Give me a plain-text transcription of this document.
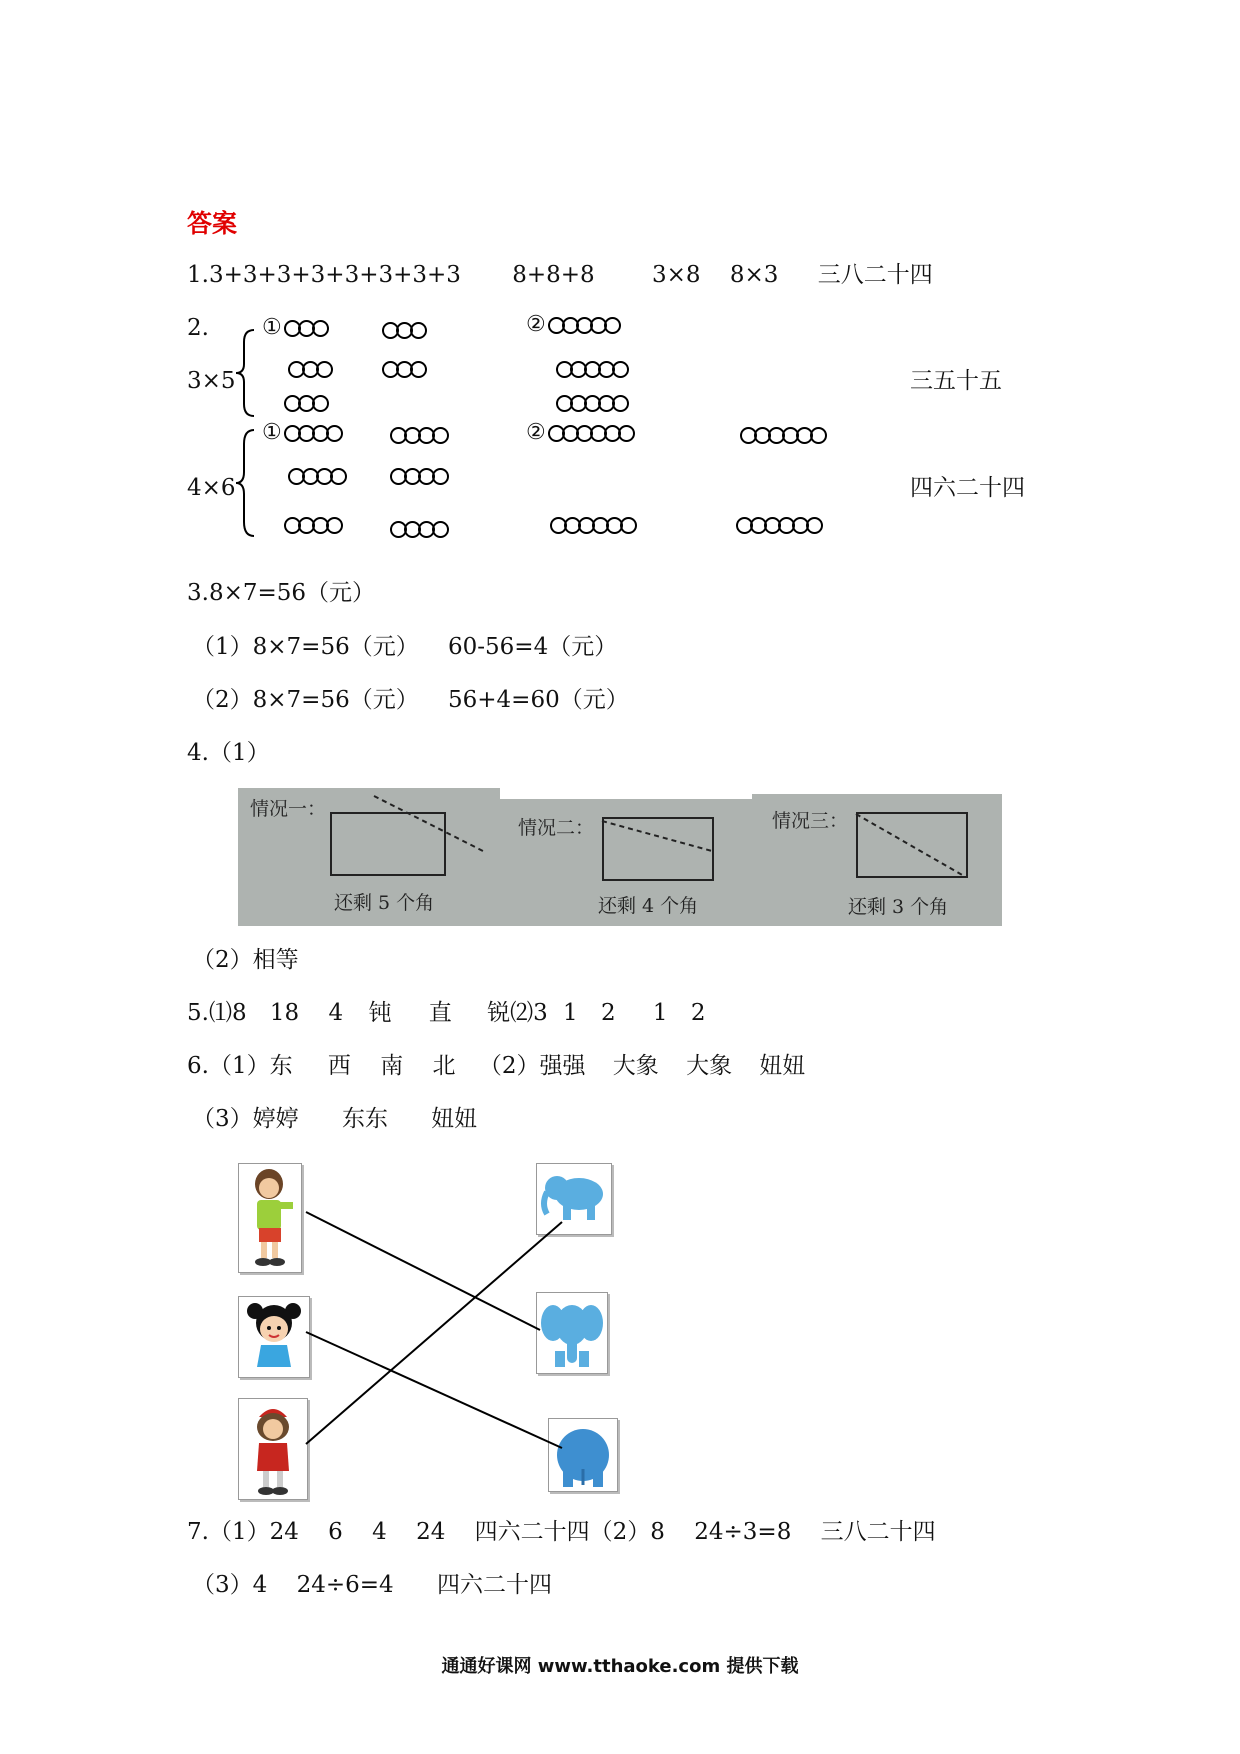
答案
1.3+3+3+3+3+3+3+3 8+8+8 3×8 8×3 三八二十四
2.
3×5
4×6
①	②
三五十五
①	②
四六二十四
3.8×7=56（元）
（1）8×7=56（元） 60-56=4（元）
（2）8×7=56（元） 56+4=60（元）
4.（1）
情况一：
还剩 5 个角
情况二：
还剩 4 个角
情况三：
还剩 3 个角
（2）相等
5.⑴8 18 4 钝 直 锐⑵3 1 2 1 2
6.（1）东 西 南 北 （2）强强 大象 大象 妞妞
（3）婷婷 东东 妞妞
7.（1）24 6 4 24 四六二十四（2）8 24÷3=8 三八二十四
（3）4 24÷6=4 四六二十四
通通好课网 www.tthaoke.com 提供下载
